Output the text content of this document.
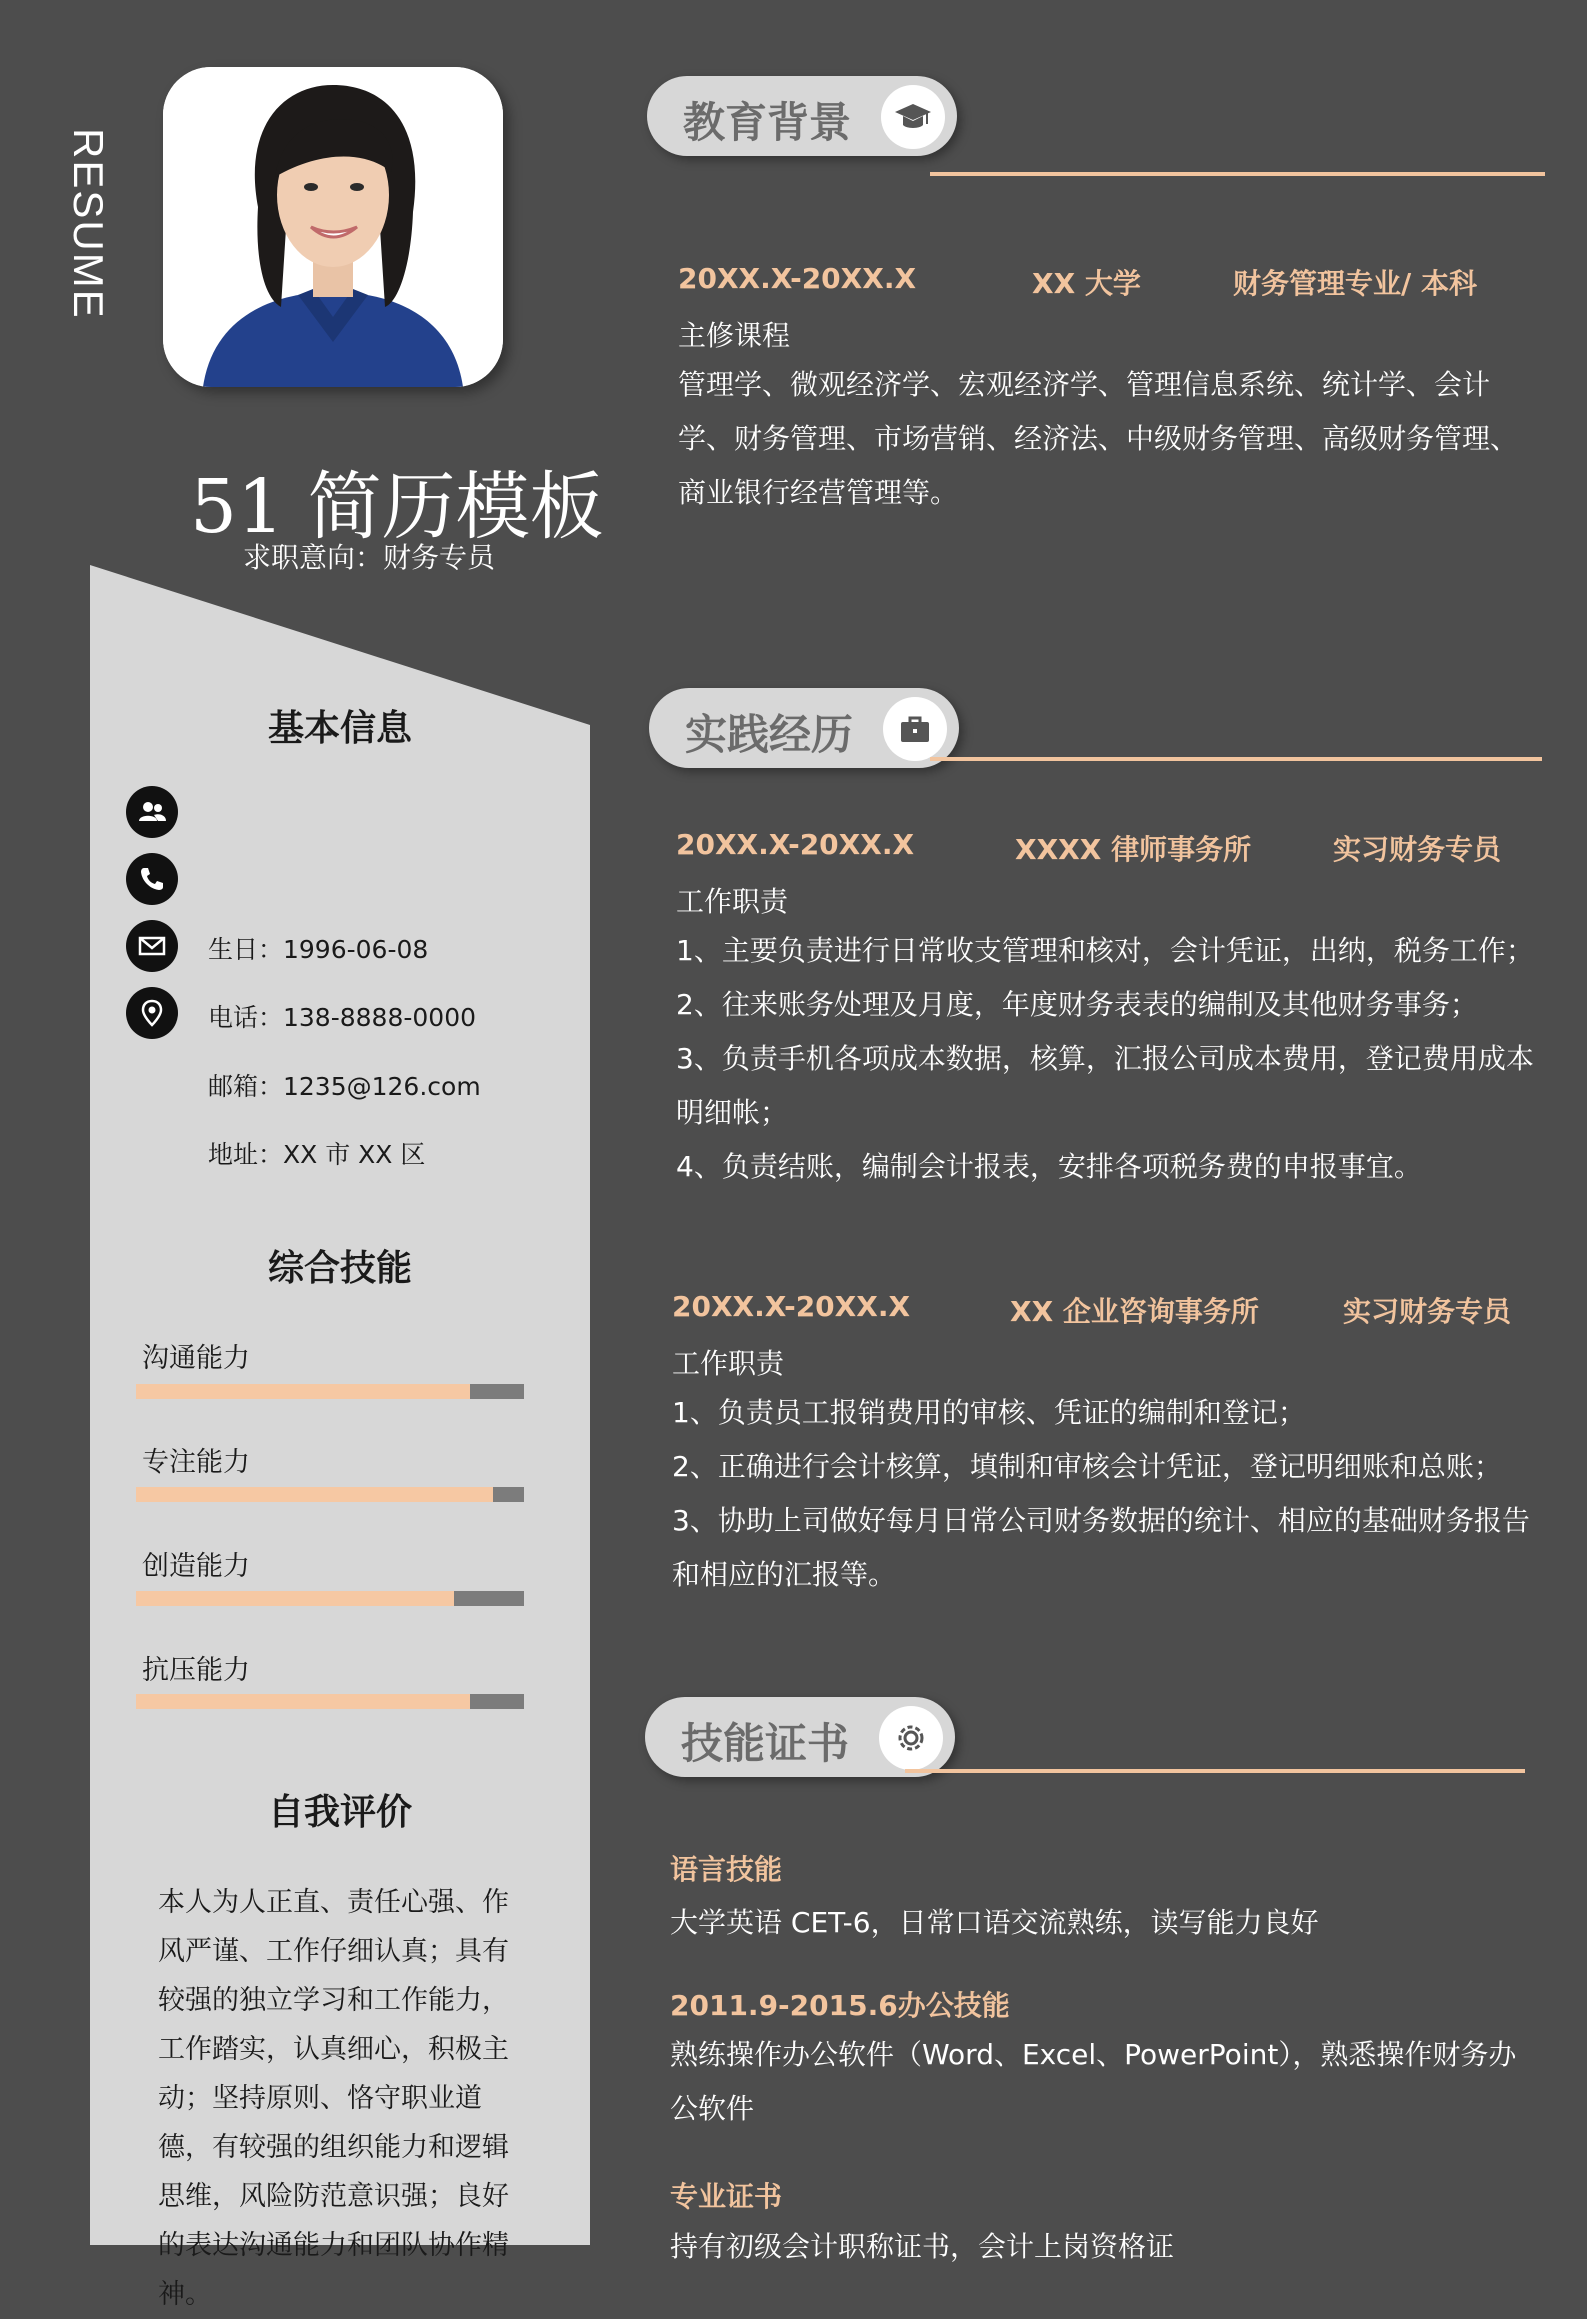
RESUME
51 简历模板
求职意向：财务专员
基本信息
生日：1996-06-08
电话：138-8888-0000
邮箱：1235@126.com
地址：XX 市 XX 区
综合技能
沟通能力
专注能力
创造能力
抗压能力
自我评价
本人为人正直、责任心强、作风严谨、工作仔细认真；具有较强的独立学习和工作能力，工作踏实，认真细心，积极主动；坚持原则、恪守职业道德，有较强的组织能力和逻辑思维，风险防范意识强；良好的表达沟通能力和团队协作精神。
教育背景
20XX.X-20XX.X	XX 大学	财务管理专业/ 本科
主修课程
管理学、微观经济学、宏观经济学、管理信息系统、统计学、会计学、财务管理、市场营销、经济法、中级财务管理、高级财务管理、商业银行经营管理等。
实践经历
20XX.X-20XX.X	XXXX 律师事务所	实习财务专员
工作职责
1、主要负责进行日常收支管理和核对，会计凭证，出纳，税务工作；
2、往来账务处理及月度，年度财务表表的编制及其他财务事务；
3、负责手机各项成本数据，核算，汇报公司成本费用，登记费用成本明细帐；
4、负责结账，编制会计报表，安排各项税务费的申报事宜。
20XX.X-20XX.X	XX 企业咨询事务所	实习财务专员
工作职责
1、负责员工报销费用的审核、凭证的编制和登记；
2、正确进行会计核算，填制和审核会计凭证，登记明细账和总账；
3、协助上司做好每月日常公司财务数据的统计、相应的基础财务报告和相应的汇报等。
技能证书
语言技能
大学英语 CET-6，日常口语交流熟练，读写能力良好
2011.9-2015.6办公技能
熟练操作办公软件（Word、Excel、PowerPoint），熟悉操作财务办公软件
专业证书
持有初级会计职称证书，会计上岗资格证
